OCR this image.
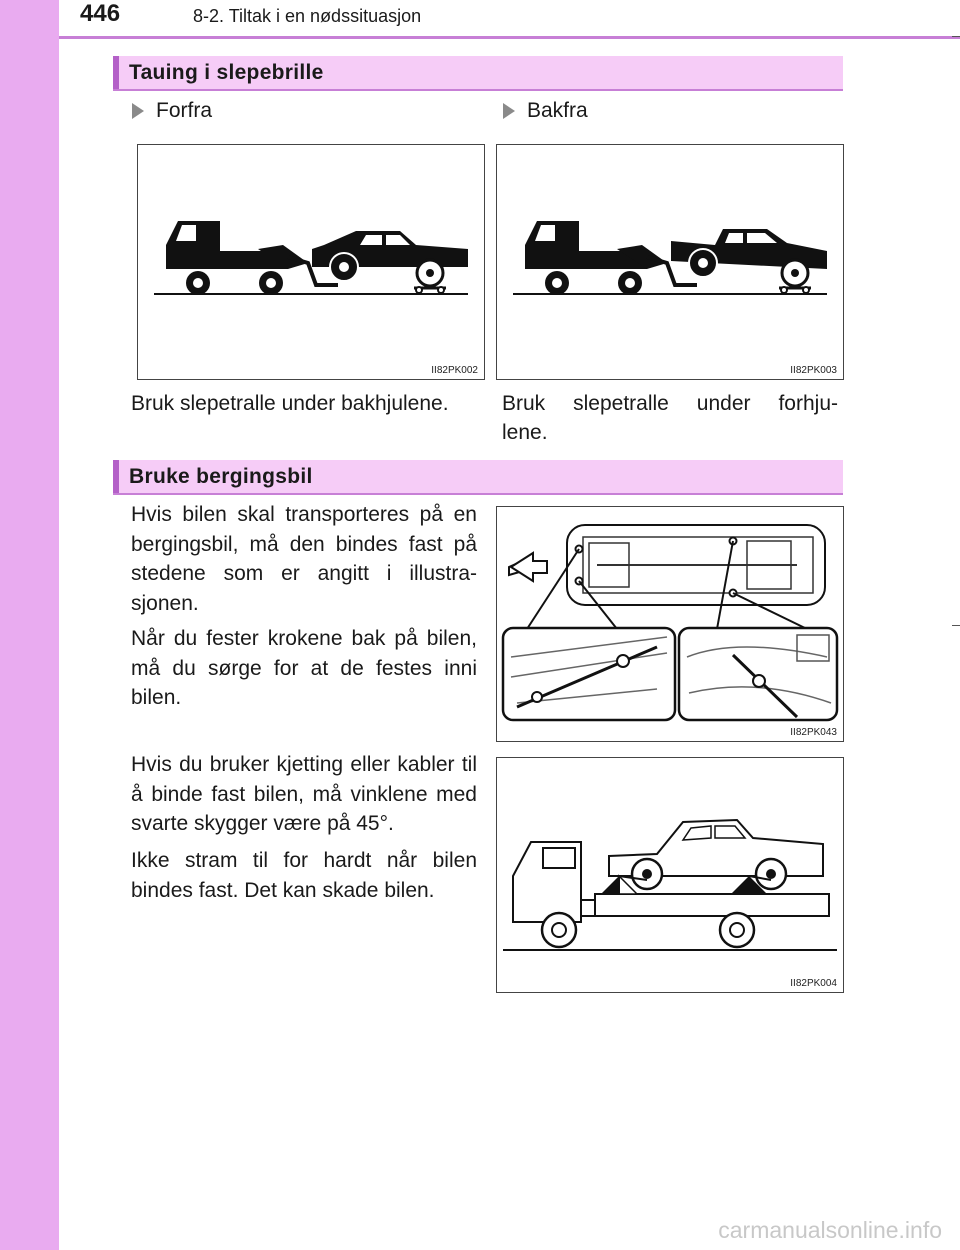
446	8-2. Tiltak i en nødssituasjon
Tauing i slepebrille
Forfra	Bakfra
II82PK002	II82PK003
Bruk slepetralle under bakhjulene.	Bruk slepetralle under forhju-
lene.
Bruke bergingsbil
Hvis bilen skal transporteres på en bergingsbil, må den bindes fast på stedene som er angitt i illustra-sjonen.
Når du fester krokene bak på bilen, må du sørge for at de festes inni bilen.
Hvis du bruker kjetting eller kabler til å binde fast bilen, må vinklene med svarte skygger være på 45°.
Ikke stram til for hardt når bilen bindes fast. Det kan skade bilen.
II82PK043
II82PK004
carmanualsonline.info
